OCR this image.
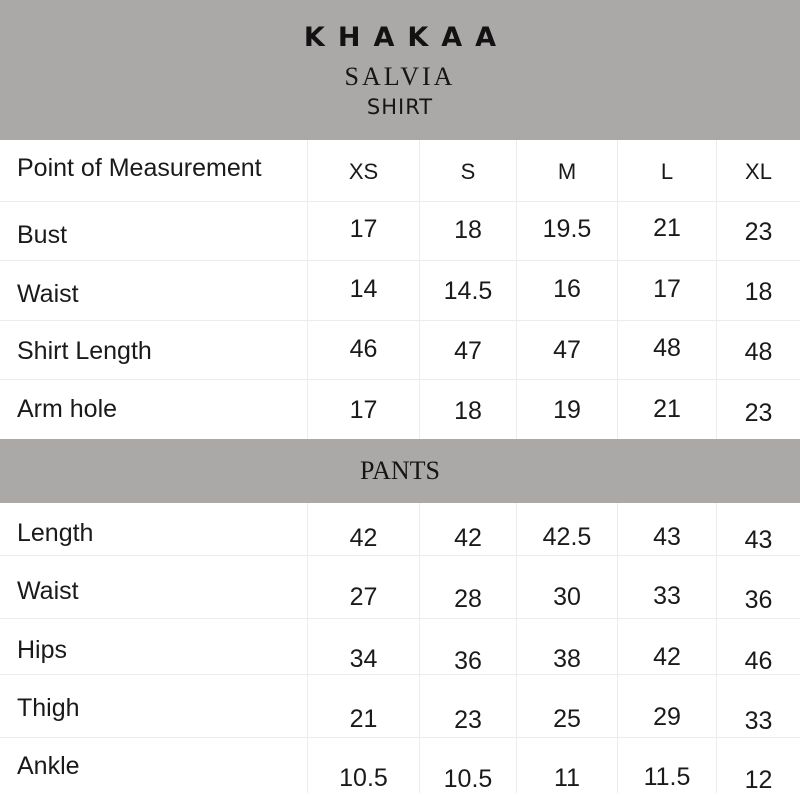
KHAKAA
SALVIA
SHIRT
Point of Measurement	XS	S	M	L	XL
Bust	17	18	19.5	21	23
Waist	14	14.5	16	17	18
Shirt Length	46	47	47	48	48
Arm hole	17	18	19	21	23
PANTS
Length	42	42	42.5	43	43
Waist	27	28	30	33	36
Hips	34	36	38	42	46
Thigh	21	23	25	29	33
Ankle	10.5	10.5	11	11.5	12
